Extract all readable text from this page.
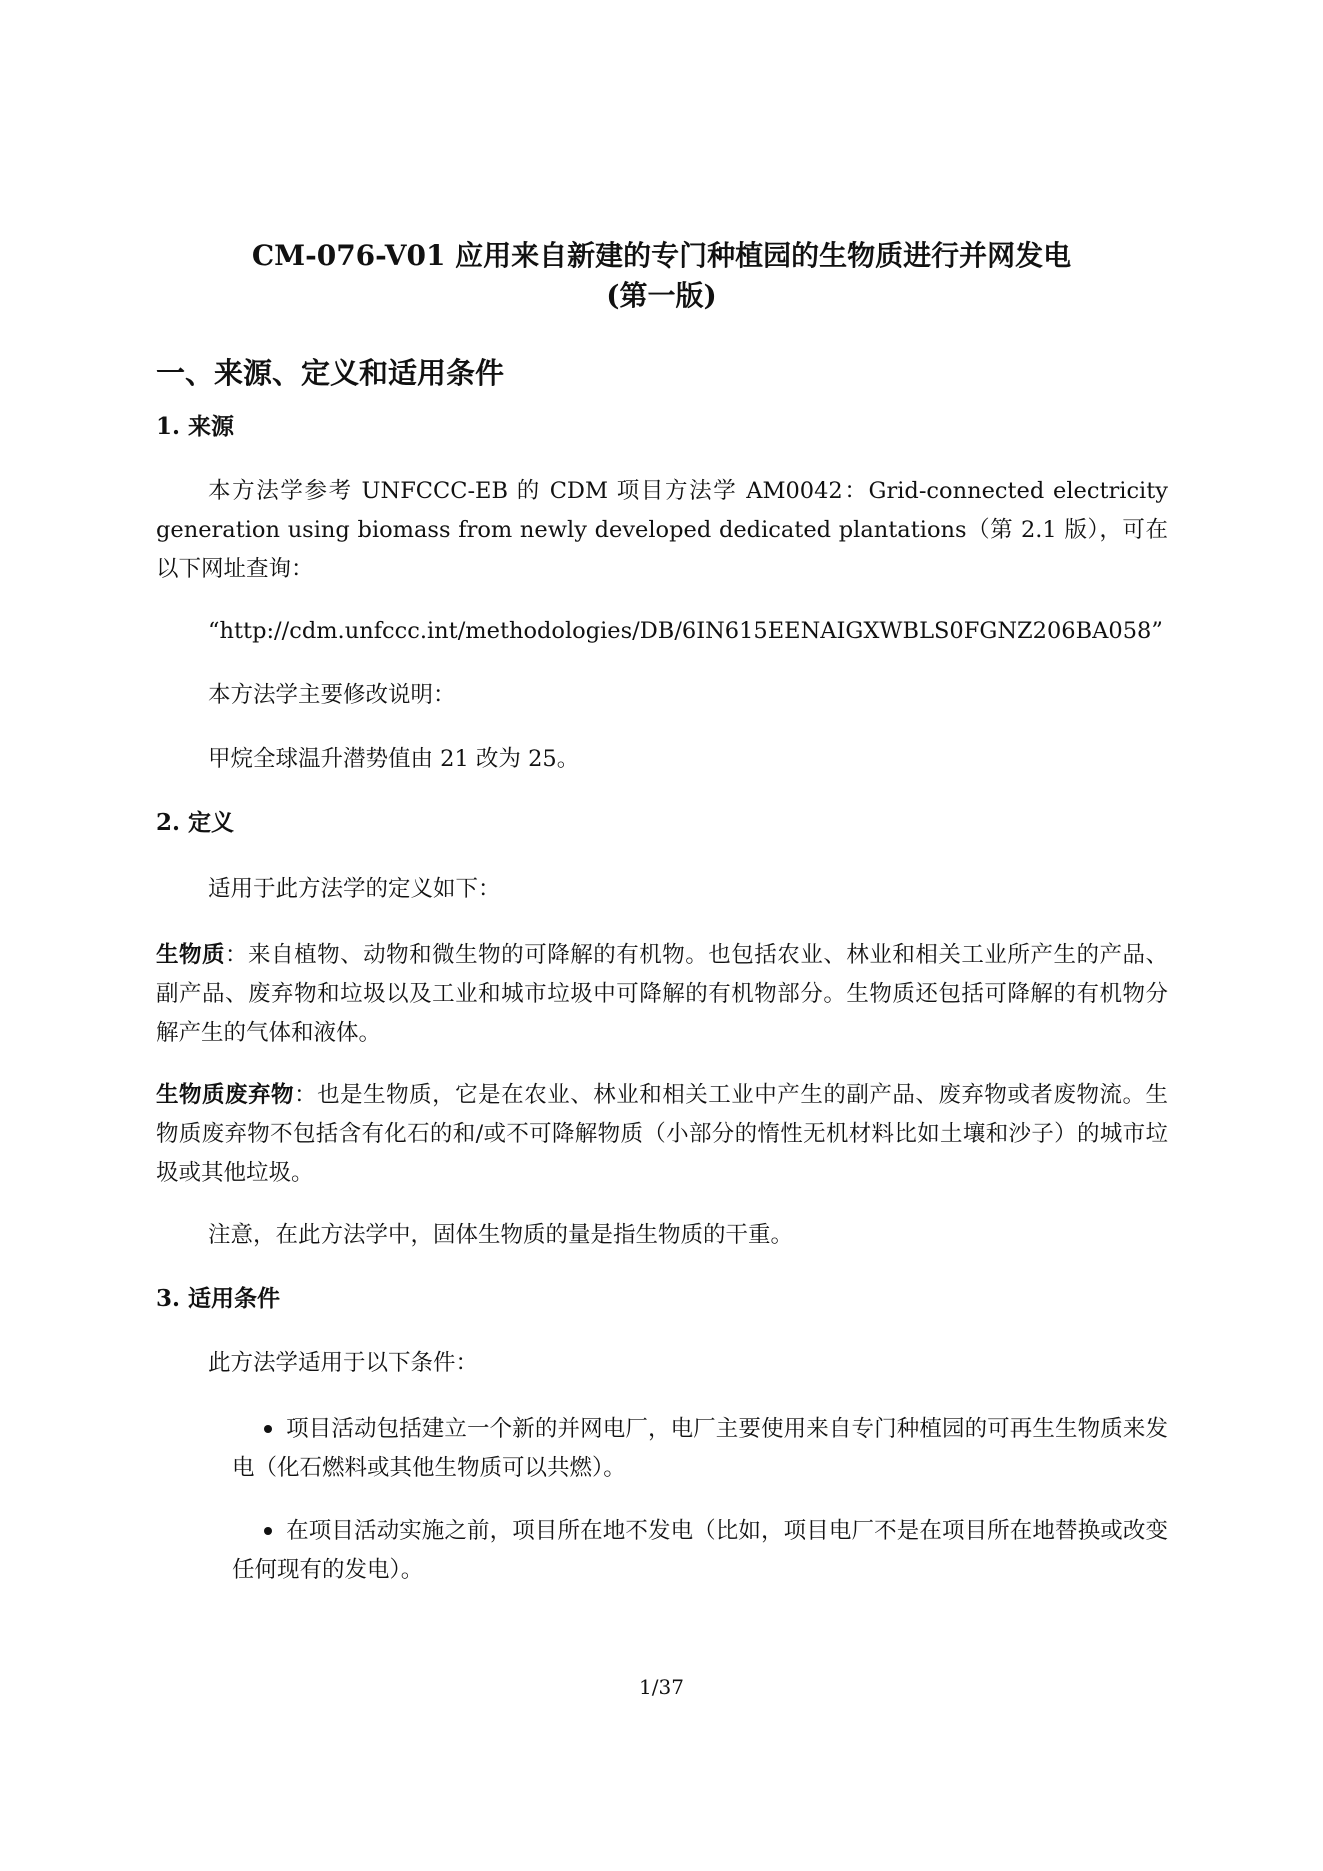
CM-076-V01 应用来自新建的专门种植园的生物质进行并网发电
(第一版)
一、来源、定义和适用条件
1. 来源

本方法学参考 UNFCCC-EB 的 CDM 项目方法学 AM0042：Grid-connected electricity generation using biomass from newly developed dedicated plantations（第 2.1 版），可在以下网址查询：

“http://cdm.unfccc.int/methodologies/DB/6IN615EENAIGXWBLS0FGNZ206BA058”

本方法学主要修改说明：

甲烷全球温升潜势值由 21 改为 25。

2. 定义

适用于此方法学的定义如下：

生物质：来自植物、动物和微生物的可降解的有机物。也包括农业、林业和相关工业所产生的产品、副产品、废弃物和垃圾以及工业和城市垃圾中可降解的有机物部分。生物质还包括可降解的有机物分解产生的气体和液体。

生物质废弃物：也是生物质，它是在农业、林业和相关工业中产生的副产品、废弃物或者废物流。生物质废弃物不包括含有化石的和/或不可降解物质（小部分的惰性无机材料比如土壤和沙子）的城市垃圾或其他垃圾。

注意，在此方法学中，固体生物质的量是指生物质的干重。

3. 适用条件

此方法学适用于以下条件：

项目活动包括建立一个新的并网电厂，电厂主要使用来自专门种植园的可再生生物质来发电（化石燃料或其他生物质可以共燃）。

在项目活动实施之前，项目所在地不发电（比如，项目电厂不是在项目所在地替换或改变任何现有的发电）。

1/37
